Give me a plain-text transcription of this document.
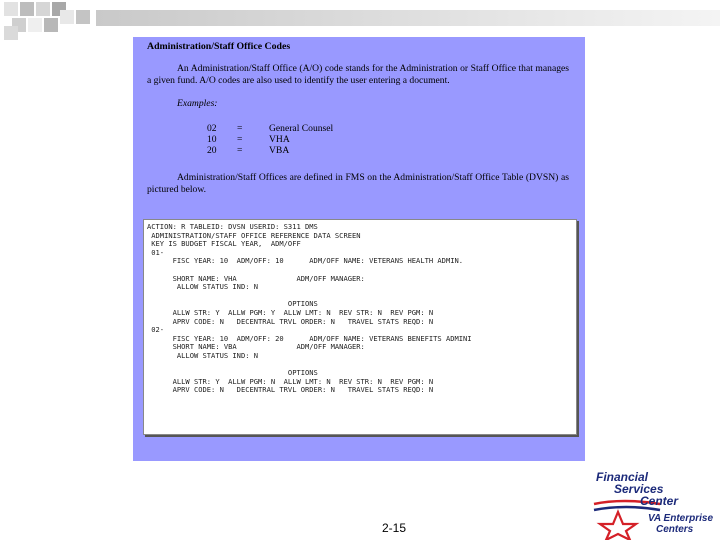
Administration/Staff Office Codes
An Administration/Staff Office (A/O) code stands for the Administration or Staff Office that manages a given fund. A/O codes are also used to identify the user entering a document.
Examples:
02 =	General Counsel
10 =	VHA
20 =	VBA
Administration/Staff Offices are defined in FMS on the Administration/Staff Office Table (DVSN) as pictured below.
ACTION: R TABLEID: DVSN USERID: S311 DMS
ADMINISTRATION/STAFF OFFICE REFERENCE DATA SCREEN
KEY IS BUDGET FISCAL YEAR,  ADM/OFF
01-
FISC YEAR: 10  ADM/OFF: 10      ADM/OFF NAME: VETERANS HEALTH ADMIN.

SHORT NAME: VHA              ADM/OFF MANAGER:
ALLOW STATUS IND: N

OPTIONS
ALLW STR: Y  ALLW PGM: Y  ALLW LMT: N  REV STR: N  REV PGM: N
APRV CODE: N   DECENTRAL TRVL ORDER: N   TRAVEL STATS REQD: N
02-
FISC YEAR: 10  ADM/OFF: 20      ADM/OFF NAME: VETERANS BENEFITS ADMINI
SHORT NAME: VBA              ADM/OFF MANAGER:
ALLOW STATUS IND: N

OPTIONS
ALLW STR: Y  ALLW PGM: N  ALLW LMT: N  REV STR: N  REV PGM: N
APRV CODE: N   DECENTRAL TRVL ORDER: N   TRAVEL STATS REQD: N
2-15
Financial
Services
Center
VA Enterprise
Centers
